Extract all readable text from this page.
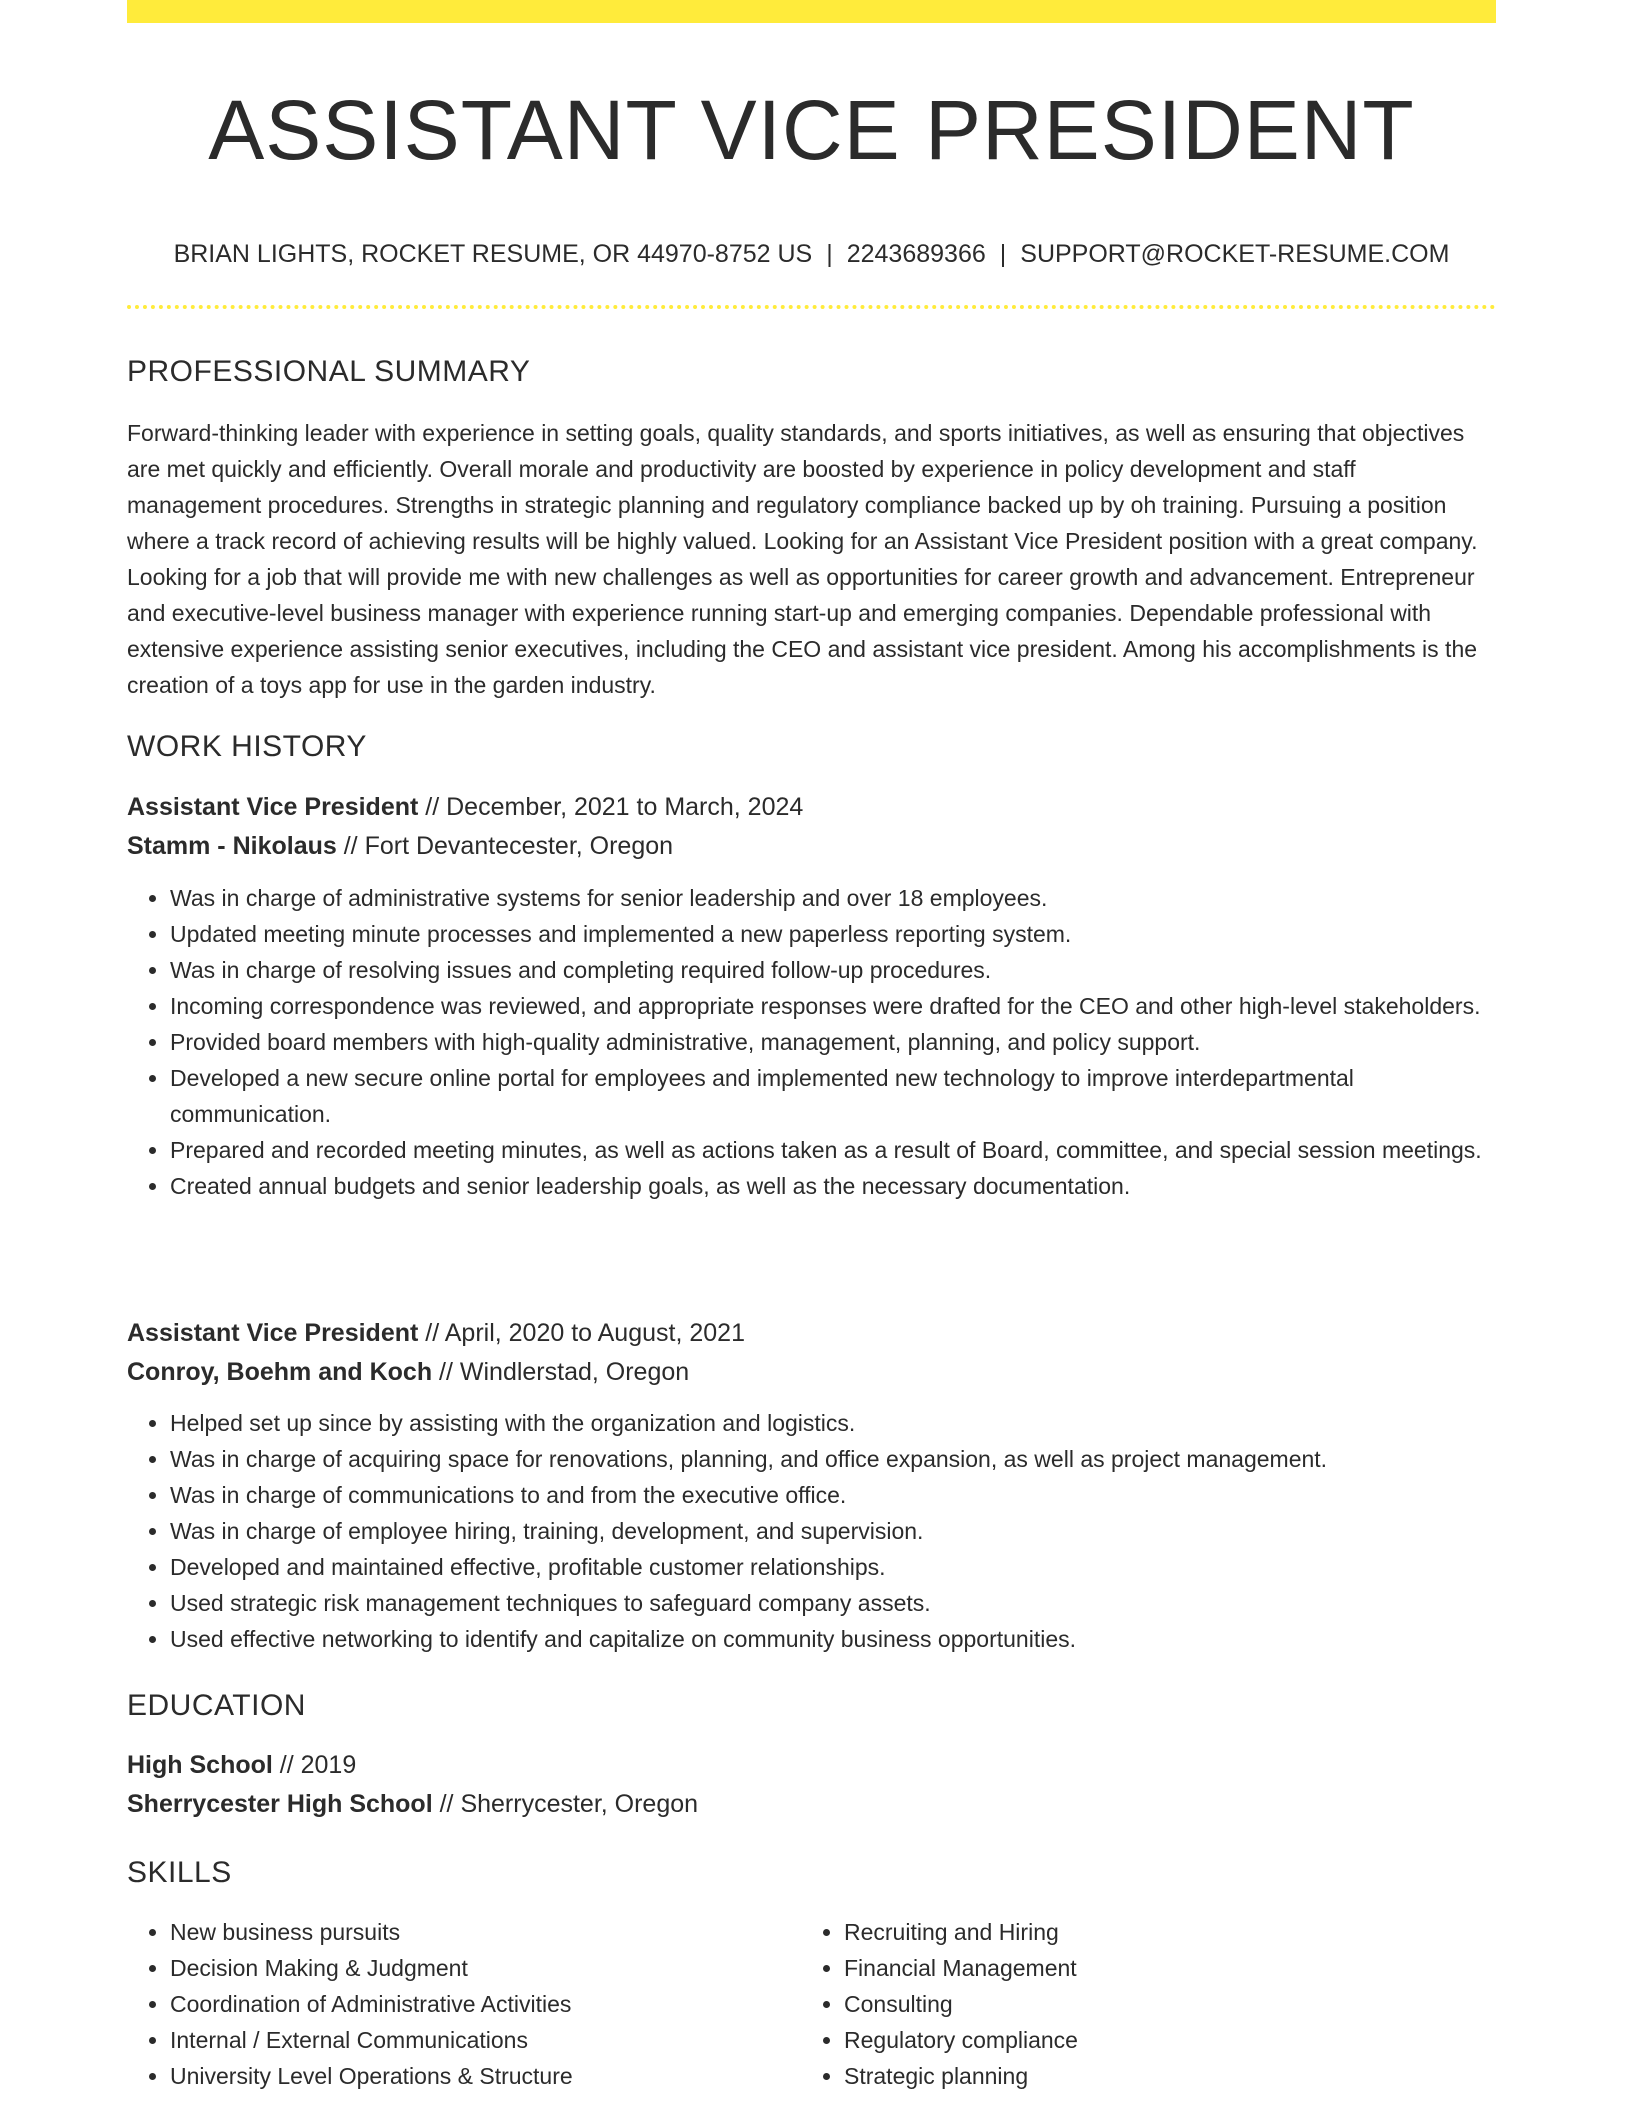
ASSISTANT VICE PRESIDENT
BRIAN LIGHTS, ROCKET RESUME, OR 44970-8752 US | 2243689366 | SUPPORT@ROCKET-RESUME.COM
PROFESSIONAL SUMMARY

Forward-thinking leader with experience in setting goals, quality standards, and sports initiatives, as well as ensuring that objectives are met quickly and efficiently. Overall morale and productivity are boosted by experience in policy development and staff management procedures. Strengths in strategic planning and regulatory compliance backed up by oh training. Pursuing a position where a track record of achieving results will be highly valued. Looking for an Assistant Vice President position with a great company. Looking for a job that will provide me with new challenges as well as opportunities for career growth and advancement. Entrepreneur and executive-level business manager with experience running start-up and emerging companies. Dependable professional with extensive experience assisting senior executives, including the CEO and assistant vice president. Among his accomplishments is the creation of a toys app for use in the garden industry.

WORK HISTORY
Assistant Vice President // December, 2021 to March, 2024
Stamm - Nikolaus // Fort Devantecester, Oregon
• Was in charge of administrative systems for senior leadership and over 18 employees.
• Updated meeting minute processes and implemented a new paperless reporting system.
• Was in charge of resolving issues and completing required follow-up procedures.
• Incoming correspondence was reviewed, and appropriate responses were drafted for the CEO and other high-level stakeholders.
• Provided board members with high-quality administrative, management, planning, and policy support.
• Developed a new secure online portal for employees and implemented new technology to improve interdepartmental communication.
• Prepared and recorded meeting minutes, as well as actions taken as a result of Board, committee, and special session meetings.
• Created annual budgets and senior leadership goals, as well as the necessary documentation.
Assistant Vice President // April, 2020 to August, 2021
Conroy, Boehm and Koch // Windlerstad, Oregon
• Helped set up since by assisting with the organization and logistics.
• Was in charge of acquiring space for renovations, planning, and office expansion, as well as project management.
• Was in charge of communications to and from the executive office.
• Was in charge of employee hiring, training, development, and supervision.
• Developed and maintained effective, profitable customer relationships.
• Used strategic risk management techniques to safeguard company assets.
• Used effective networking to identify and capitalize on community business opportunities.
EDUCATION
High School // 2019
Sherrycester High School // Sherrycester, Oregon
SKILLS
• New business pursuits
• Decision Making & Judgment
• Coordination of Administrative Activities
• Internal / External Communications
• University Level Operations & Structure
• Recruiting and Hiring
• Financial Management
• Consulting
• Regulatory compliance
• Strategic planning
